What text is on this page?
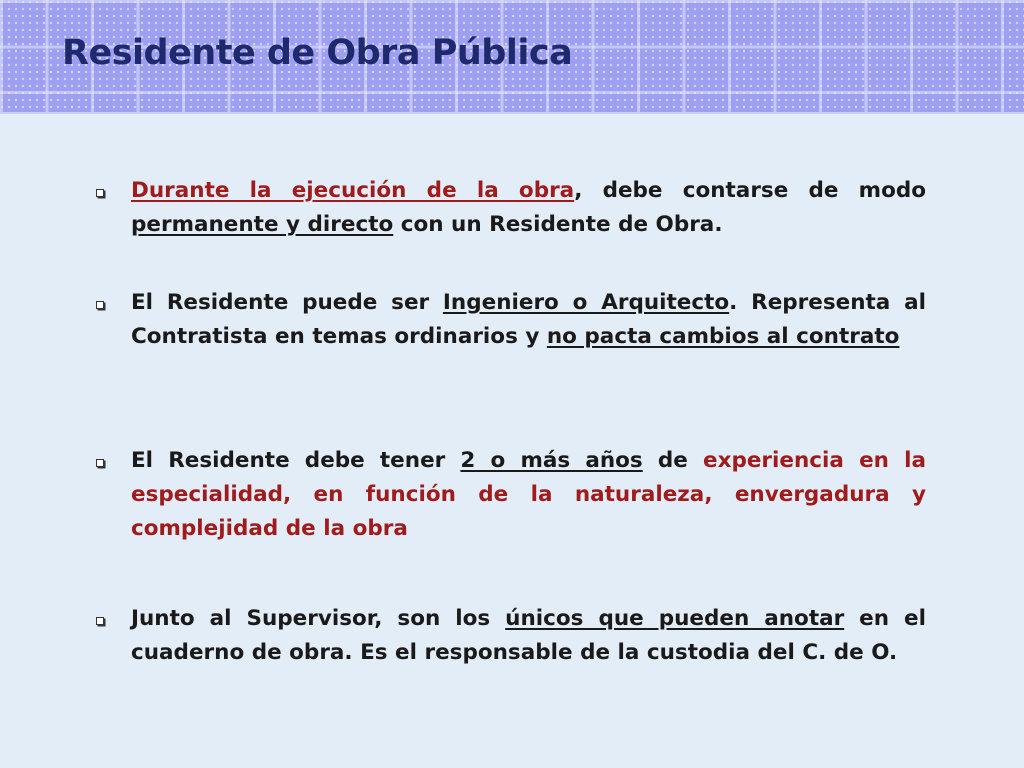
Residente de Obra Pública

Durante la ejecución de la obra, debe contarse de modo permanente y directo con un Residente de Obra.

El Residente puede ser Ingeniero o Arquitecto. Representa al Contratista en temas ordinarios y no pacta cambios al contrato

El Residente debe tener 2 o más años de experiencia en la especialidad, en función de la naturaleza, envergadura y complejidad de la obra

Junto al Supervisor, son los únicos que pueden anotar en el cuaderno de obra. Es el responsable de la custodia del C. de O.
